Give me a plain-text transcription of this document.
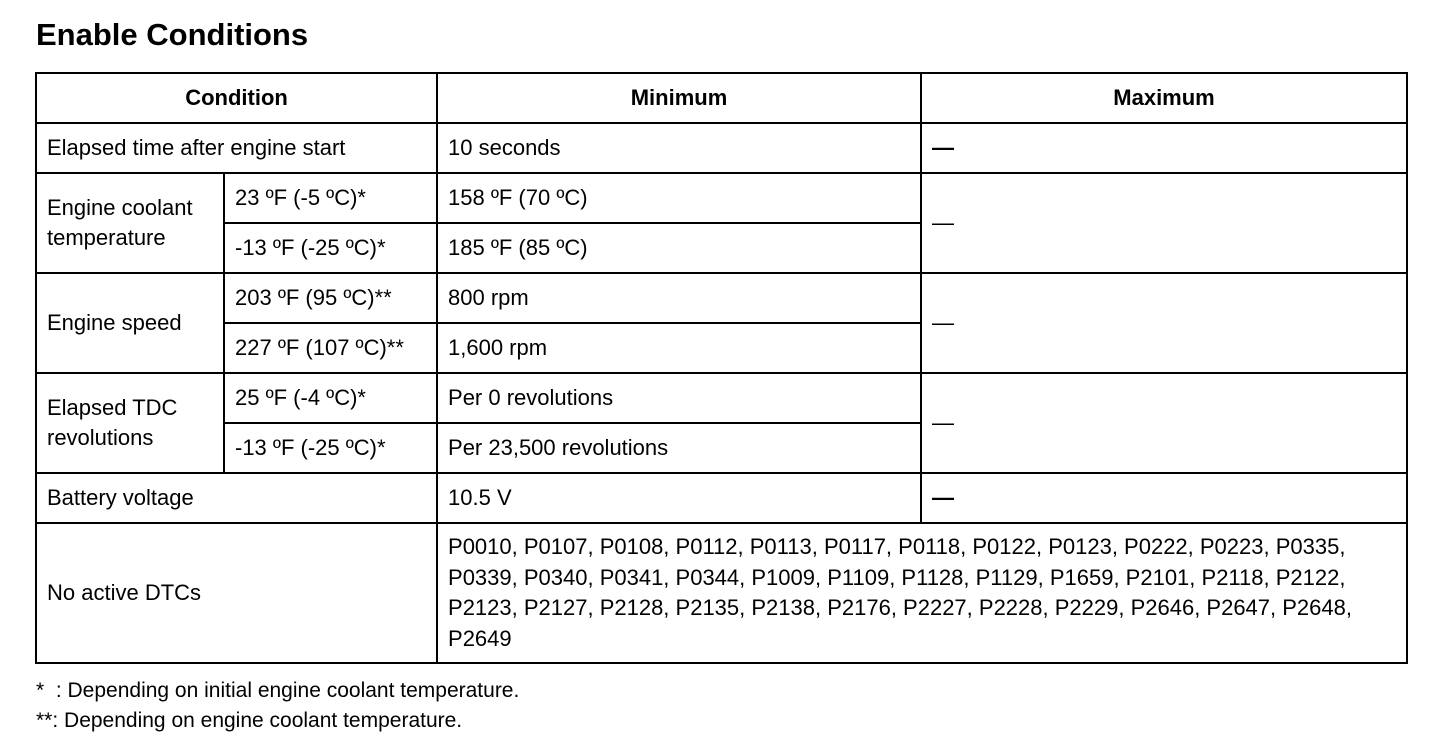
Enable Conditions
Condition		Minimum	Maximum
Elapsed time after engine start		10 seconds	—
Engine coolant temperature	23 ºF (-5 ºC)*	158 ºF (70 ºC)	—
	-13 ºF (-25 ºC)*	185 ºF (85 ºC)	
Engine speed	203 ºF (95 ºC)**	800 rpm	—
	227 ºF (107 ºC)**	1,600 rpm	
Elapsed TDC revolutions	25 ºF (-4 ºC)*	Per 0 revolutions	—
	-13 ºF (-25 ºC)*	Per 23,500 revolutions	
Battery voltage		10.5 V	—
No active DTCs		P0010, P0107, P0108, P0112, P0113, P0117, P0118, P0122, P0123, P0222, P0223, P0335, P0339, P0340, P0341, P0344, P1009, P1109, P1128, P1129, P1659, P2101, P2118, P2122, P2123, P2127, P2128, P2135, P2138, P2176, P2227, P2228, P2229, P2646, P2647, P2648, P2649	
*  : Depending on initial engine coolant temperature.
**: Depending on engine coolant temperature.
